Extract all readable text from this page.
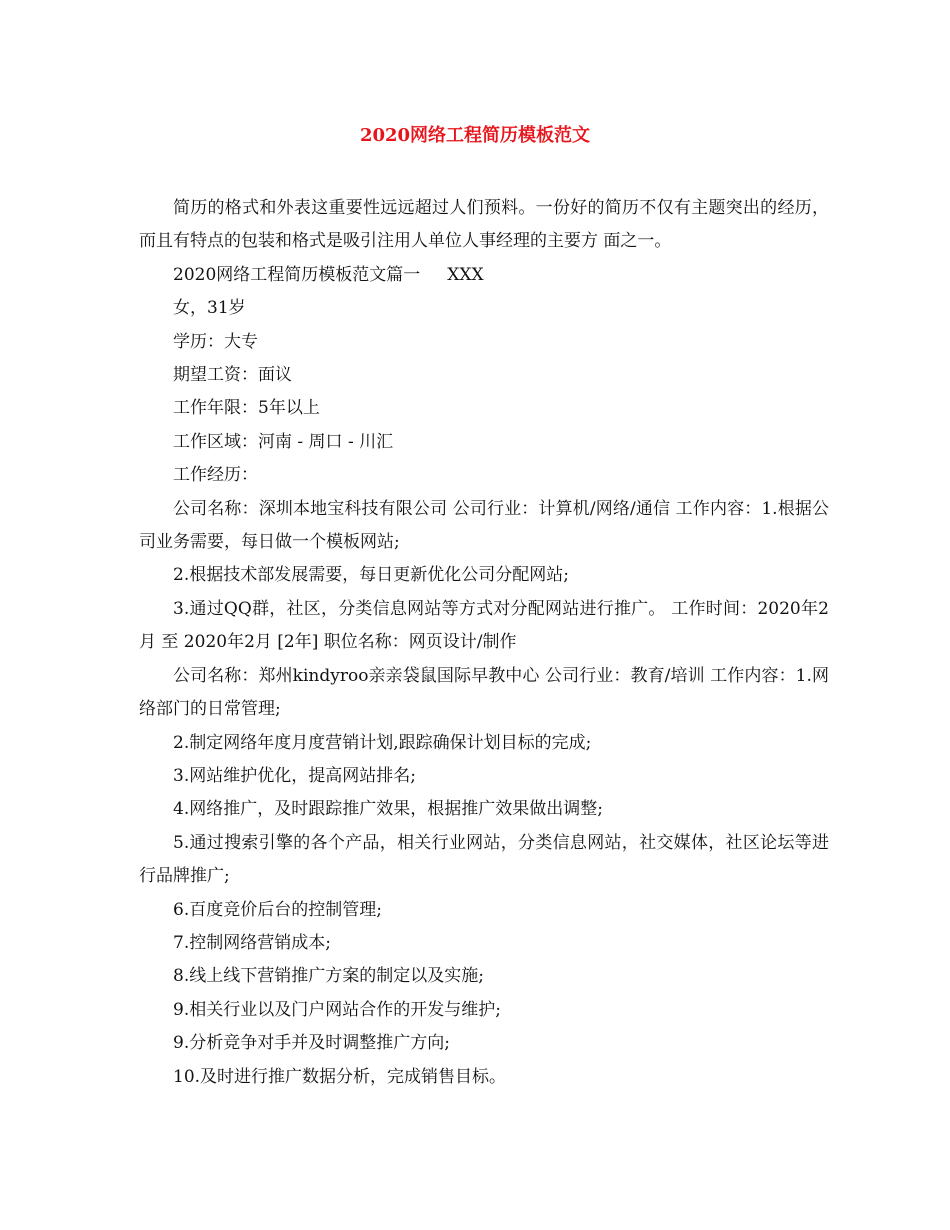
2020网络工程简历模板范文

简历的格式和外表这重要性远远超过人们预料。一份好的简历不仅有主题突出的经历，而且有特点的包装和格式是吸引注用人单位人事经理的主要方 面之一。

2020网络工程简历模板范文篇一     XXX

女，31岁

学历：大专

期望工资：面议

工作年限：5年以上

工作区域：河南 - 周口 - 川汇

工作经历：

公司名称：深圳本地宝科技有限公司 公司行业：计算机/网络/通信 工作内容：1.根据公司业务需要，每日做一个模板网站;

2.根据技术部发展需要，每日更新优化公司分配网站;

3.通过QQ群，社区，分类信息网站等方式对分配网站进行推广。 工作时间：2020年2月 至 2020年2月 [2年] 职位名称：网页设计/制作

公司名称：郑州kindyroo亲亲袋鼠国际早教中心 公司行业：教育/培训 工作内容：1.网络部门的日常管理;

2.制定网络年度月度营销计划,跟踪确保计划目标的完成;

3.网站维护优化，提高网站排名;

4.网络推广，及时跟踪推广效果，根据推广效果做出调整;

5.通过搜索引擎的各个产品，相关行业网站，分类信息网站，社交媒体，社区论坛等进行品牌推广;

6.百度竞价后台的控制管理;

7.控制网络营销成本;

8.线上线下营销推广方案的制定以及实施;

9.相关行业以及门户网站合作的开发与维护;

9.分析竞争对手并及时调整推广方向;

10.及时进行推广数据分析，完成销售目标。
